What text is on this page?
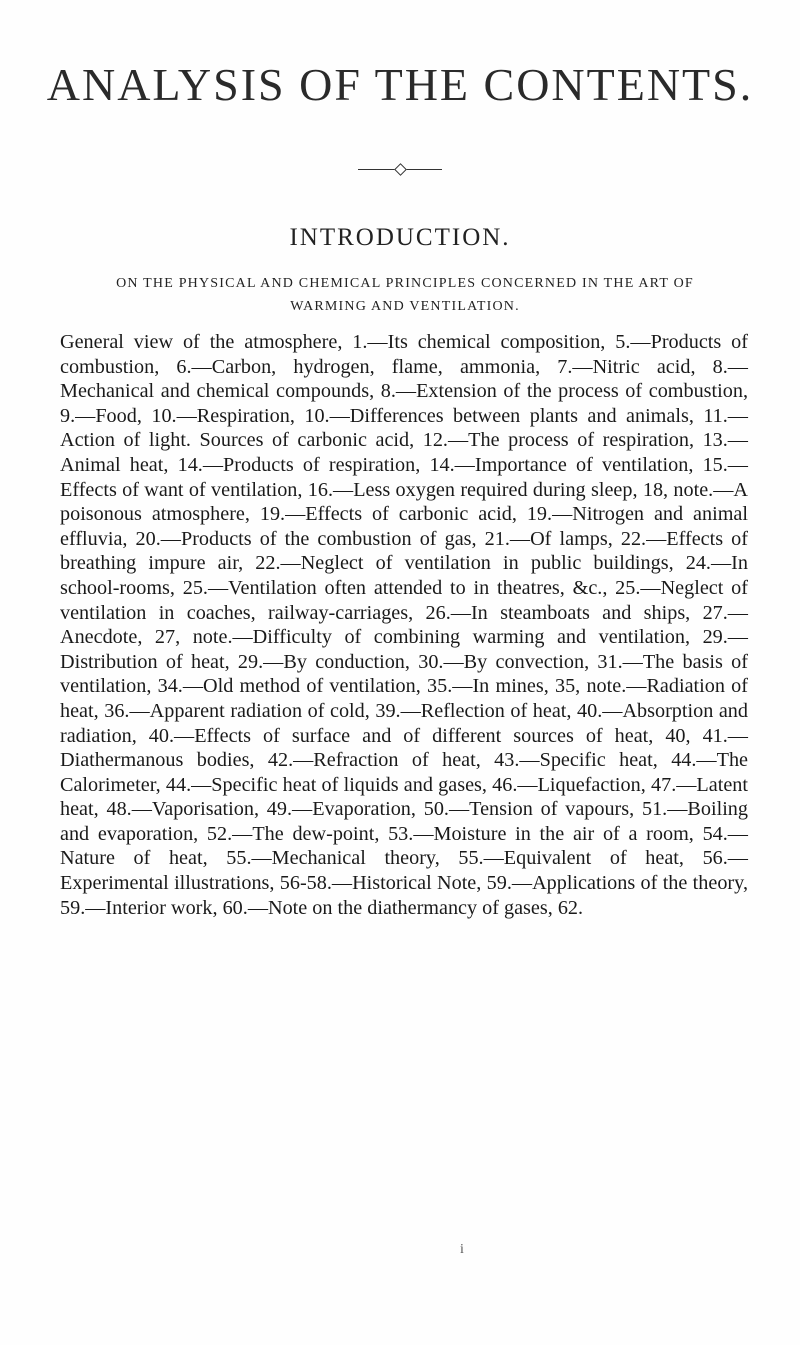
ANALYSIS OF THE CONTENTS.
INTRODUCTION.
ON THE PHYSICAL AND CHEMICAL PRINCIPLES CONCERNED IN THE ART OF
WARMING AND VENTILATION.
General view of the atmosphere, 1.—Its chemical composition, 5.—Products of combustion, 6.—Carbon, hydrogen, flame, ammonia, 7.—Nitric acid, 8.—Mechanical and chemical compounds, 8.—Extension of the process of combustion, 9.—Food, 10.—Respiration, 10.—Differences between plants and animals, 11.—Action of light. Sources of carbonic acid, 12.—The process of respiration, 13.—Animal heat, 14.—Products of respiration, 14.—Importance of ventilation, 15.—Effects of want of ventilation, 16.—Less oxygen required during sleep, 18, note.—A poisonous atmosphere, 19.—Effects of carbonic acid, 19.—Nitrogen and animal effluvia, 20.—Products of the combustion of gas, 21.—Of lamps, 22.—Effects of breathing impure air, 22.—Neglect of ventilation in public buildings, 24.—In school-rooms, 25.—Ventilation often attended to in theatres, &c., 25.—Neglect of ventilation in coaches, railway-carriages, 26.—In steamboats and ships, 27.—Anecdote, 27, note.—Difficulty of combining warming and ventilation, 29.—Distribution of heat, 29.—By conduction, 30.—By convection, 31.—The basis of ventilation, 34.—Old method of ventilation, 35.—In mines, 35, note.—Radiation of heat, 36.—Apparent radiation of cold, 39.—Reflection of heat, 40.—Absorption and radiation, 40.—Effects of surface and of different sources of heat, 40, 41.—Diathermanous bodies, 42.—Refraction of heat, 43.—Specific heat, 44.—The Calorimeter, 44.—Specific heat of liquids and gases, 46.—Liquefaction, 47.—Latent heat, 48.—Vaporisation, 49.—Evaporation, 50.—Tension of vapours, 51.—Boiling and evaporation, 52.—The dew-point, 53.—Moisture in the air of a room, 54.—Nature of heat, 55.—Mechanical theory, 55.—Equivalent of heat, 56.—Experimental illustrations, 56-58.—Historical Note, 59.—Applications of the theory, 59.—Interior work, 60.—Note on the diathermancy of gases, 62.
i
